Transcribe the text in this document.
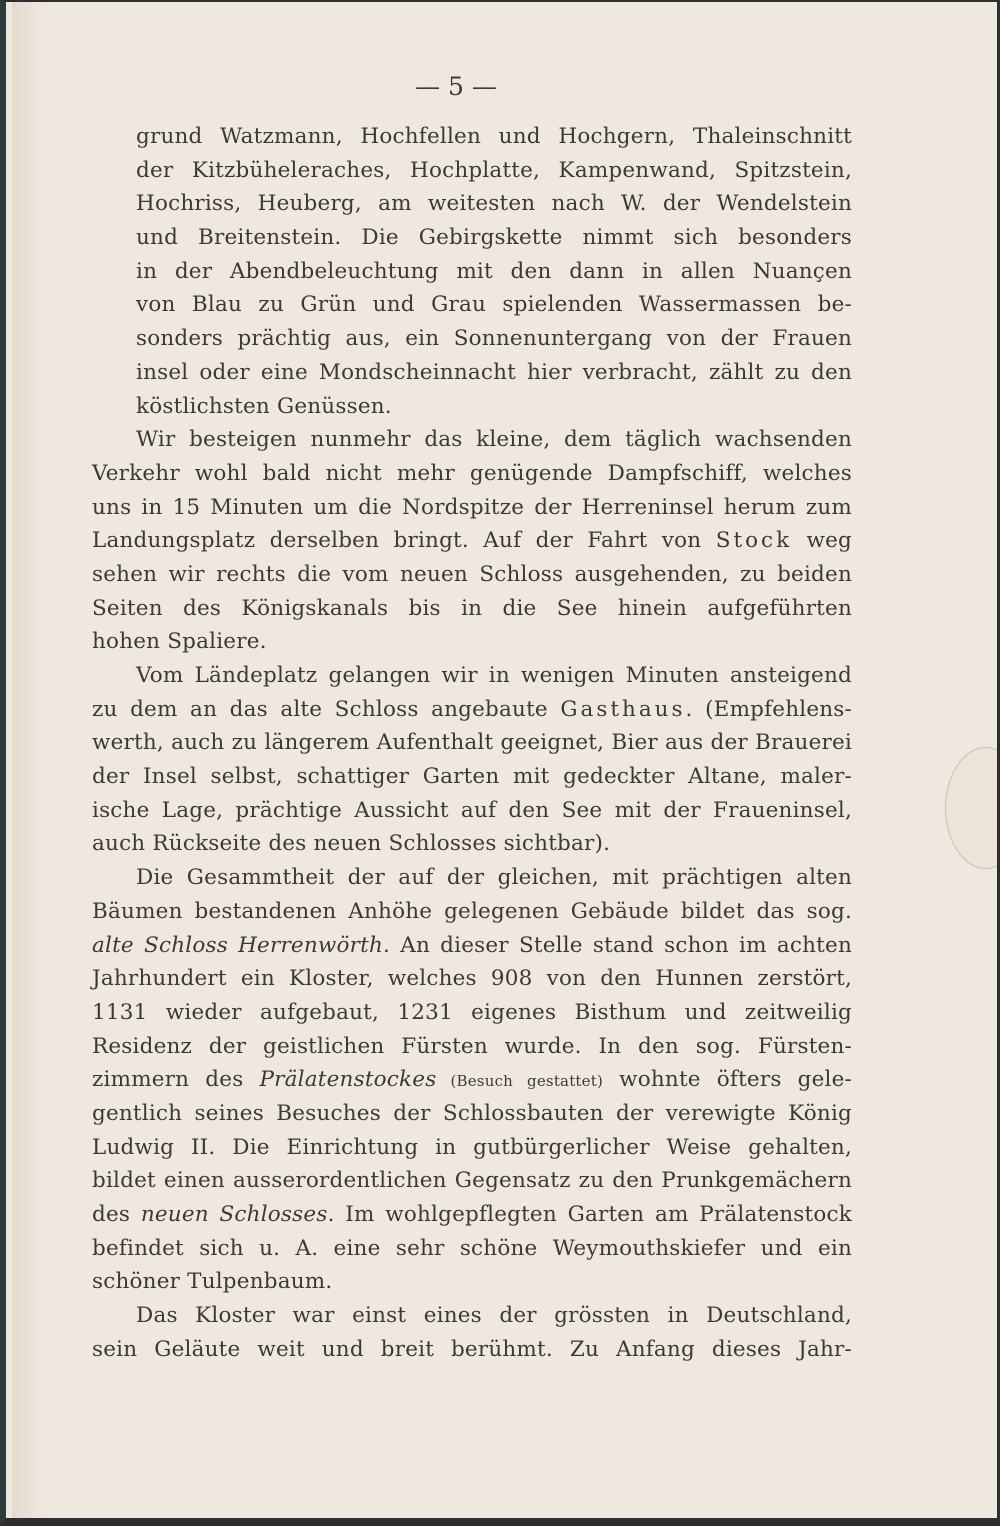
— 5 —
grund Watzmann, Hochfellen und Hochgern, Thaleinschnitt
der Kitzbüheleraches, Hochplatte, Kampenwand, Spitzstein,
Hochriss, Heuberg, am weitesten nach W. der Wendelstein
und Breitenstein. Die Gebirgskette nimmt sich besonders
in der Abendbeleuchtung mit den dann in allen Nuançen
von Blau zu Grün und Grau spielenden Wassermassen be-
sonders prächtig aus, ein Sonnenuntergang von der Frauen
insel oder eine Mondscheinnacht hier verbracht, zählt zu den
köstlichsten Genüssen.
Wir besteigen nunmehr das kleine, dem täglich wachsenden
Verkehr wohl bald nicht mehr genügende Dampfschiff, welches
uns in 15 Minuten um die Nordspitze der Herreninsel herum zum
Landungsplatz derselben bringt. Auf der Fahrt von Stock weg
sehen wir rechts die vom neuen Schloss ausgehenden, zu beiden
Seiten des Königskanals bis in die See hinein aufgeführten
hohen Spaliere.
Vom Ländeplatz gelangen wir in wenigen Minuten ansteigend
zu dem an das alte Schloss angebaute Gasthaus. (Empfehlens-
werth, auch zu längerem Aufenthalt geeignet, Bier aus der Brauerei
der Insel selbst, schattiger Garten mit gedeckter Altane, maler-
ische Lage, prächtige Aussicht auf den See mit der Fraueninsel,
auch Rückseite des neuen Schlosses sichtbar).
Die Gesammtheit der auf der gleichen, mit prächtigen alten
Bäumen bestandenen Anhöhe gelegenen Gebäude bildet das sog.
alte Schloss Herrenwörth. An dieser Stelle stand schon im achten
Jahrhundert ein Kloster, welches 908 von den Hunnen zerstört,
1131 wieder aufgebaut, 1231 eigenes Bisthum und zeitweilig
Residenz der geistlichen Fürsten wurde. In den sog. Fürsten-
zimmern des Prälatenstockes (Besuch gestattet) wohnte öfters gele-
gentlich seines Besuches der Schlossbauten der verewigte König
Ludwig II. Die Einrichtung in gutbürgerlicher Weise gehalten,
bildet einen ausserordentlichen Gegensatz zu den Prunkgemächern
des neuen Schlosses. Im wohlgepflegten Garten am Prälatenstock
befindet sich u. A. eine sehr schöne Weymouthskiefer und ein
schöner Tulpenbaum.
Das Kloster war einst eines der grössten in Deutschland,
sein Geläute weit und breit berühmt. Zu Anfang dieses Jahr-
